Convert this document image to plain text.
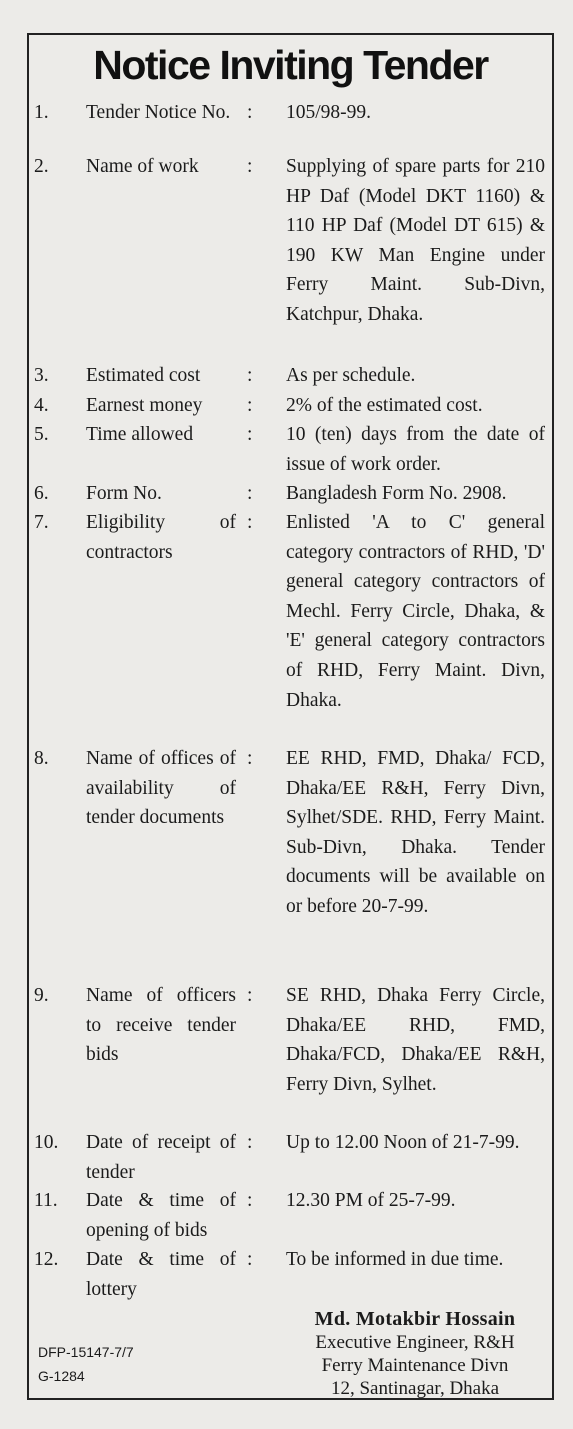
Notice Inviting Tender
1. Tender Notice No. : 105/98-99.
2. Name of work	: Supplying of spare parts for 210 HP Daf (Model DKT 1160) & 110 HP Daf (Model DT 615) & 190 KW Man Engine under Ferry Maint. Sub-Divn, Katchpur, Dhaka.
3. Estimated cost	: As per schedule.
4. Earnest money	: 2% of the estimated cost.
5. Time allowed	: 10 (ten) days from the date of issue of work order.
6. Form No.	: Bangladesh Form No. 2908.
7. Eligibility of contractors
: Enlisted 'A to C' general category contractors of RHD, 'D' general category contractors of Mechl. Ferry Circle, Dhaka, & 'E' general category contractors of RHD, Ferry Maint. Divn, Dhaka.
8. Name of offices of availability of tender documents
: EE RHD, FMD, Dhaka/ FCD, Dhaka/EE R&H, Ferry Divn, Sylhet/SDE. RHD, Ferry Maint. Sub-Divn, Dhaka. Tender documents will be available on or before 20-7-99.
9. Name of officers to receive tender bids
: SE RHD, Dhaka Ferry Circle, Dhaka/EE RHD, FMD, Dhaka/FCD, Dhaka/EE R&H, Ferry Divn, Sylhet.
10. Date of receipt of tender
: Up to 12.00 Noon of 21-7-99.
11. Date & time of opening of bids
: 12.30 PM of 25-7-99.
12. Date & time of lottery
: To be informed in due time.
Md. Motakbir Hossain
Executive Engineer, R&H
Ferry Maintenance Divn
12, Santinagar, Dhaka
DFP-15147-7/7
G-1284
